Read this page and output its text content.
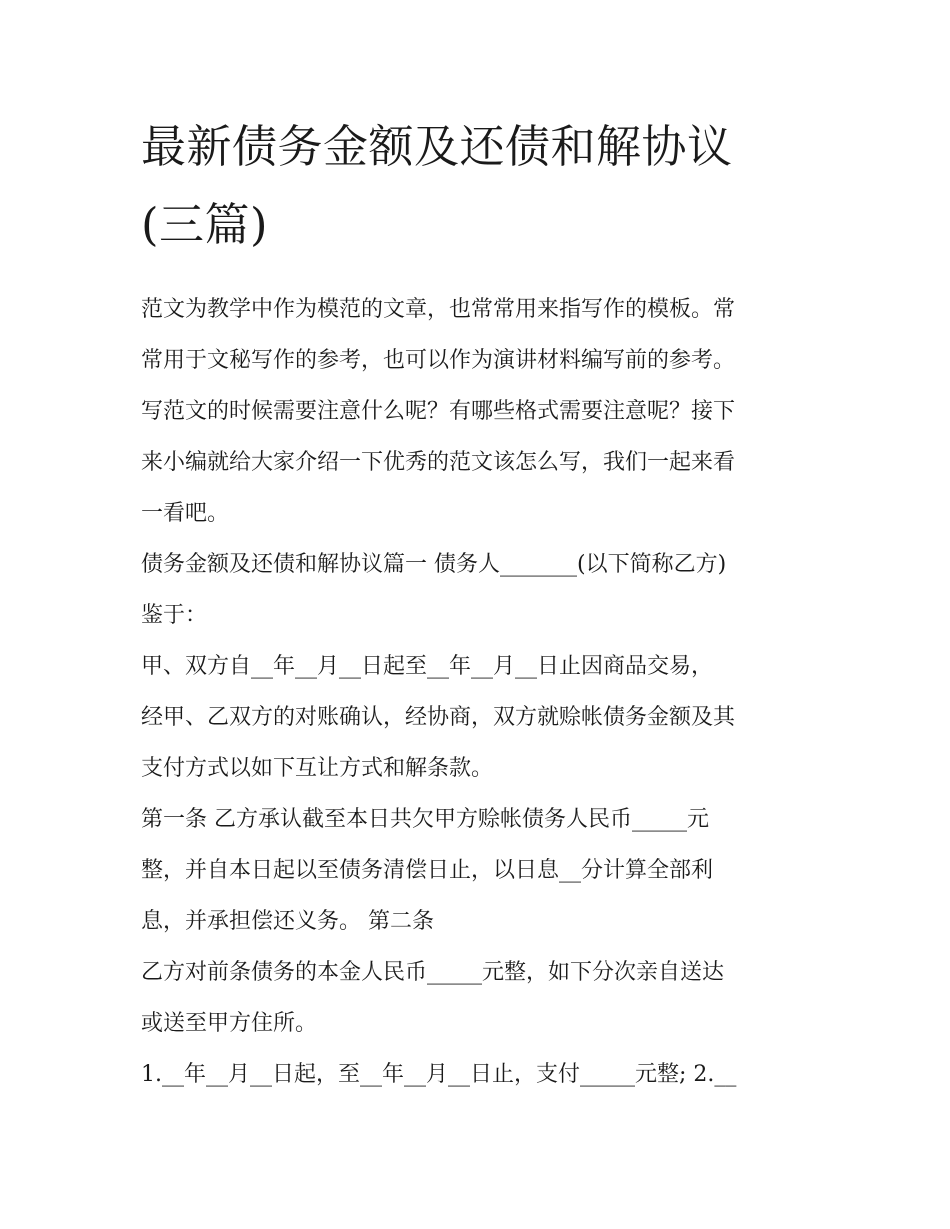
最新债务金额及还债和解协议
(三篇)

范文为教学中作为模范的文章，也常常用来指写作的模板。常

常用于文秘写作的参考，也可以作为演讲材料编写前的参考。

写范文的时候需要注意什么呢？有哪些格式需要注意呢？接下

来小编就给大家介绍一下优秀的范文该怎么写，我们一起来看

一看吧。

债务金额及还债和解协议篇一 债务人_______(以下简称乙方)

鉴于：

甲、双方自__年__月__日起至__年__月__日止因商品交易，

经甲、乙双方的对账确认，经协商，双方就赊帐债务金额及其

支付方式以如下互让方式和解条款。

第一条 乙方承认截至本日共欠甲方赊帐债务人民币_____元

整，并自本日起以至债务清偿日止，以日息__分计算全部利

息，并承担偿还义务。 第二条

乙方对前条债务的本金人民币_____元整，如下分次亲自送达

或送至甲方住所。

1.__年__月__日起，至__年__月__日止，支付_____元整; 2.__
